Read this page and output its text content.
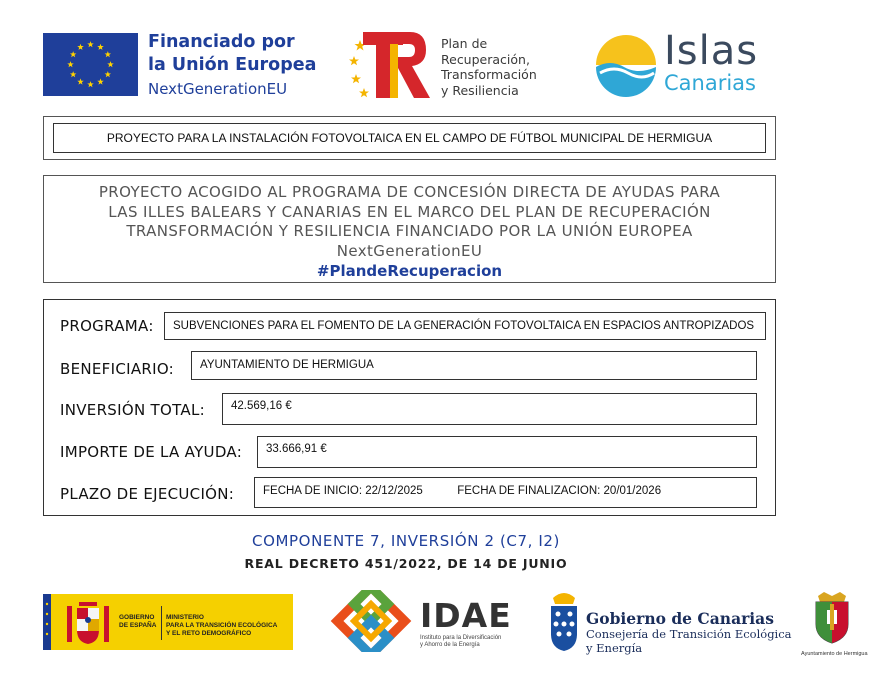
Financiado por
la Unión Europea
NextGenerationEU
Plan de
Recuperación,
Transformación
y Resiliencia
Islas
Canarias
PROYECTO PARA LA INSTALACIÓN FOTOVOLTAICA EN EL CAMPO DE FÚTBOL MUNICIPAL DE HERMIGUA
PROYECTO ACOGIDO AL PROGRAMA DE CONCESIÓN DIRECTA DE AYUDAS PARA
LAS ILLES BALEARS Y CANARIAS EN EL MARCO DEL PLAN DE RECUPERACIÓN
TRANSFORMACIÓN Y RESILIENCIA FINANCIADO POR LA UNIÓN EUROPEA
NextGenerationEU
#PlandeRecuperacion
PROGRAMA:	SUBVENCIONES PARA EL FOMENTO DE LA GENERACIÓN FOTOVOLTAICA EN ESPACIOS ANTROPIZADOS
BENEFICIARIO:	AYUNTAMIENTO DE HERMIGUA
INVERSIÓN TOTAL:	42.569,16 €
IMPORTE DE LA AYUDA:	33.666,91 €
PLAZO DE EJECUCIÓN:	FECHA DE INICIO: 22/12/2025	FECHA DE FINALIZACION: 20/01/2026
COMPONENTE 7, INVERSIÓN 2 (C7, I2)
REAL DECRETO 451/2022, DE 14 DE JUNIO
GOBIERNO
DE ESPAÑA
MINISTERIO
PARA LA TRANSICIÓN ECOLÓGICA
Y EL RETO DEMOGRÁFICO	IDAE
Instituto para la Diversificación
y Ahorro de la Energía
Gobierno de Canarias
Consejería de Transición Ecológica
y Energía	Ayuntamiento de Hermigua
